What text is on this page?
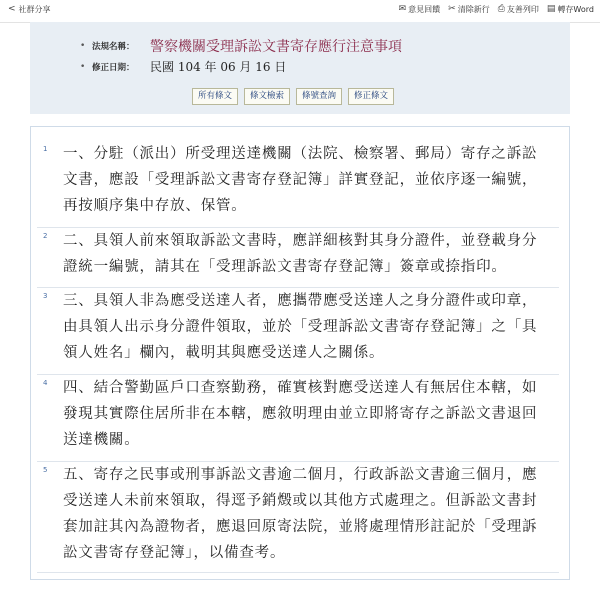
< 社群分享	✉ 意見回饋 ✂ 清除新行 ⎙ 友善列印 ▤ 轉存Word
• 法規名稱：	警察機關受理訴訟文書寄存應行注意事項
• 修正日期：	民國 104 年 06 月 16 日
所有條文	條文檢索	條號查詢	修正條文
1 一、分駐（派出）所受理送達機關（法院、檢察署、郵局）寄存之訴訟文書，應設「受理訴訟文書寄存登記簿」詳實登記，並依序逐一編號，再按順序集中存放、保管。

2 二、具領人前來領取訴訟文書時，應詳細核對其身分證件，並登載身分證統一編號，請其在「受理訴訟文書寄存登記簿」簽章或捺指印。

3 三、具領人非為應受送達人者，應攜帶應受送達人之身分證件或印章，由具領人出示身分證件領取，並於「受理訴訟文書寄存登記簿」之「具領人姓名」欄內，載明其與應受送達人之關係。

4 四、結合警勤區戶口查察勤務，確實核對應受送達人有無居住本轄，如發現其實際住居所非在本轄，應敘明理由並立即將寄存之訴訟文書退回送達機關。

5 五、寄存之民事或刑事訴訟文書逾二個月，行政訴訟文書逾三個月，應受送達人未前來領取，得逕予銷燬或以其他方式處理之。但訴訟文書封套加註其內為證物者，應退回原寄法院，並將處理情形註記於「受理訴訟文書寄存登記簿」，以備查考。
